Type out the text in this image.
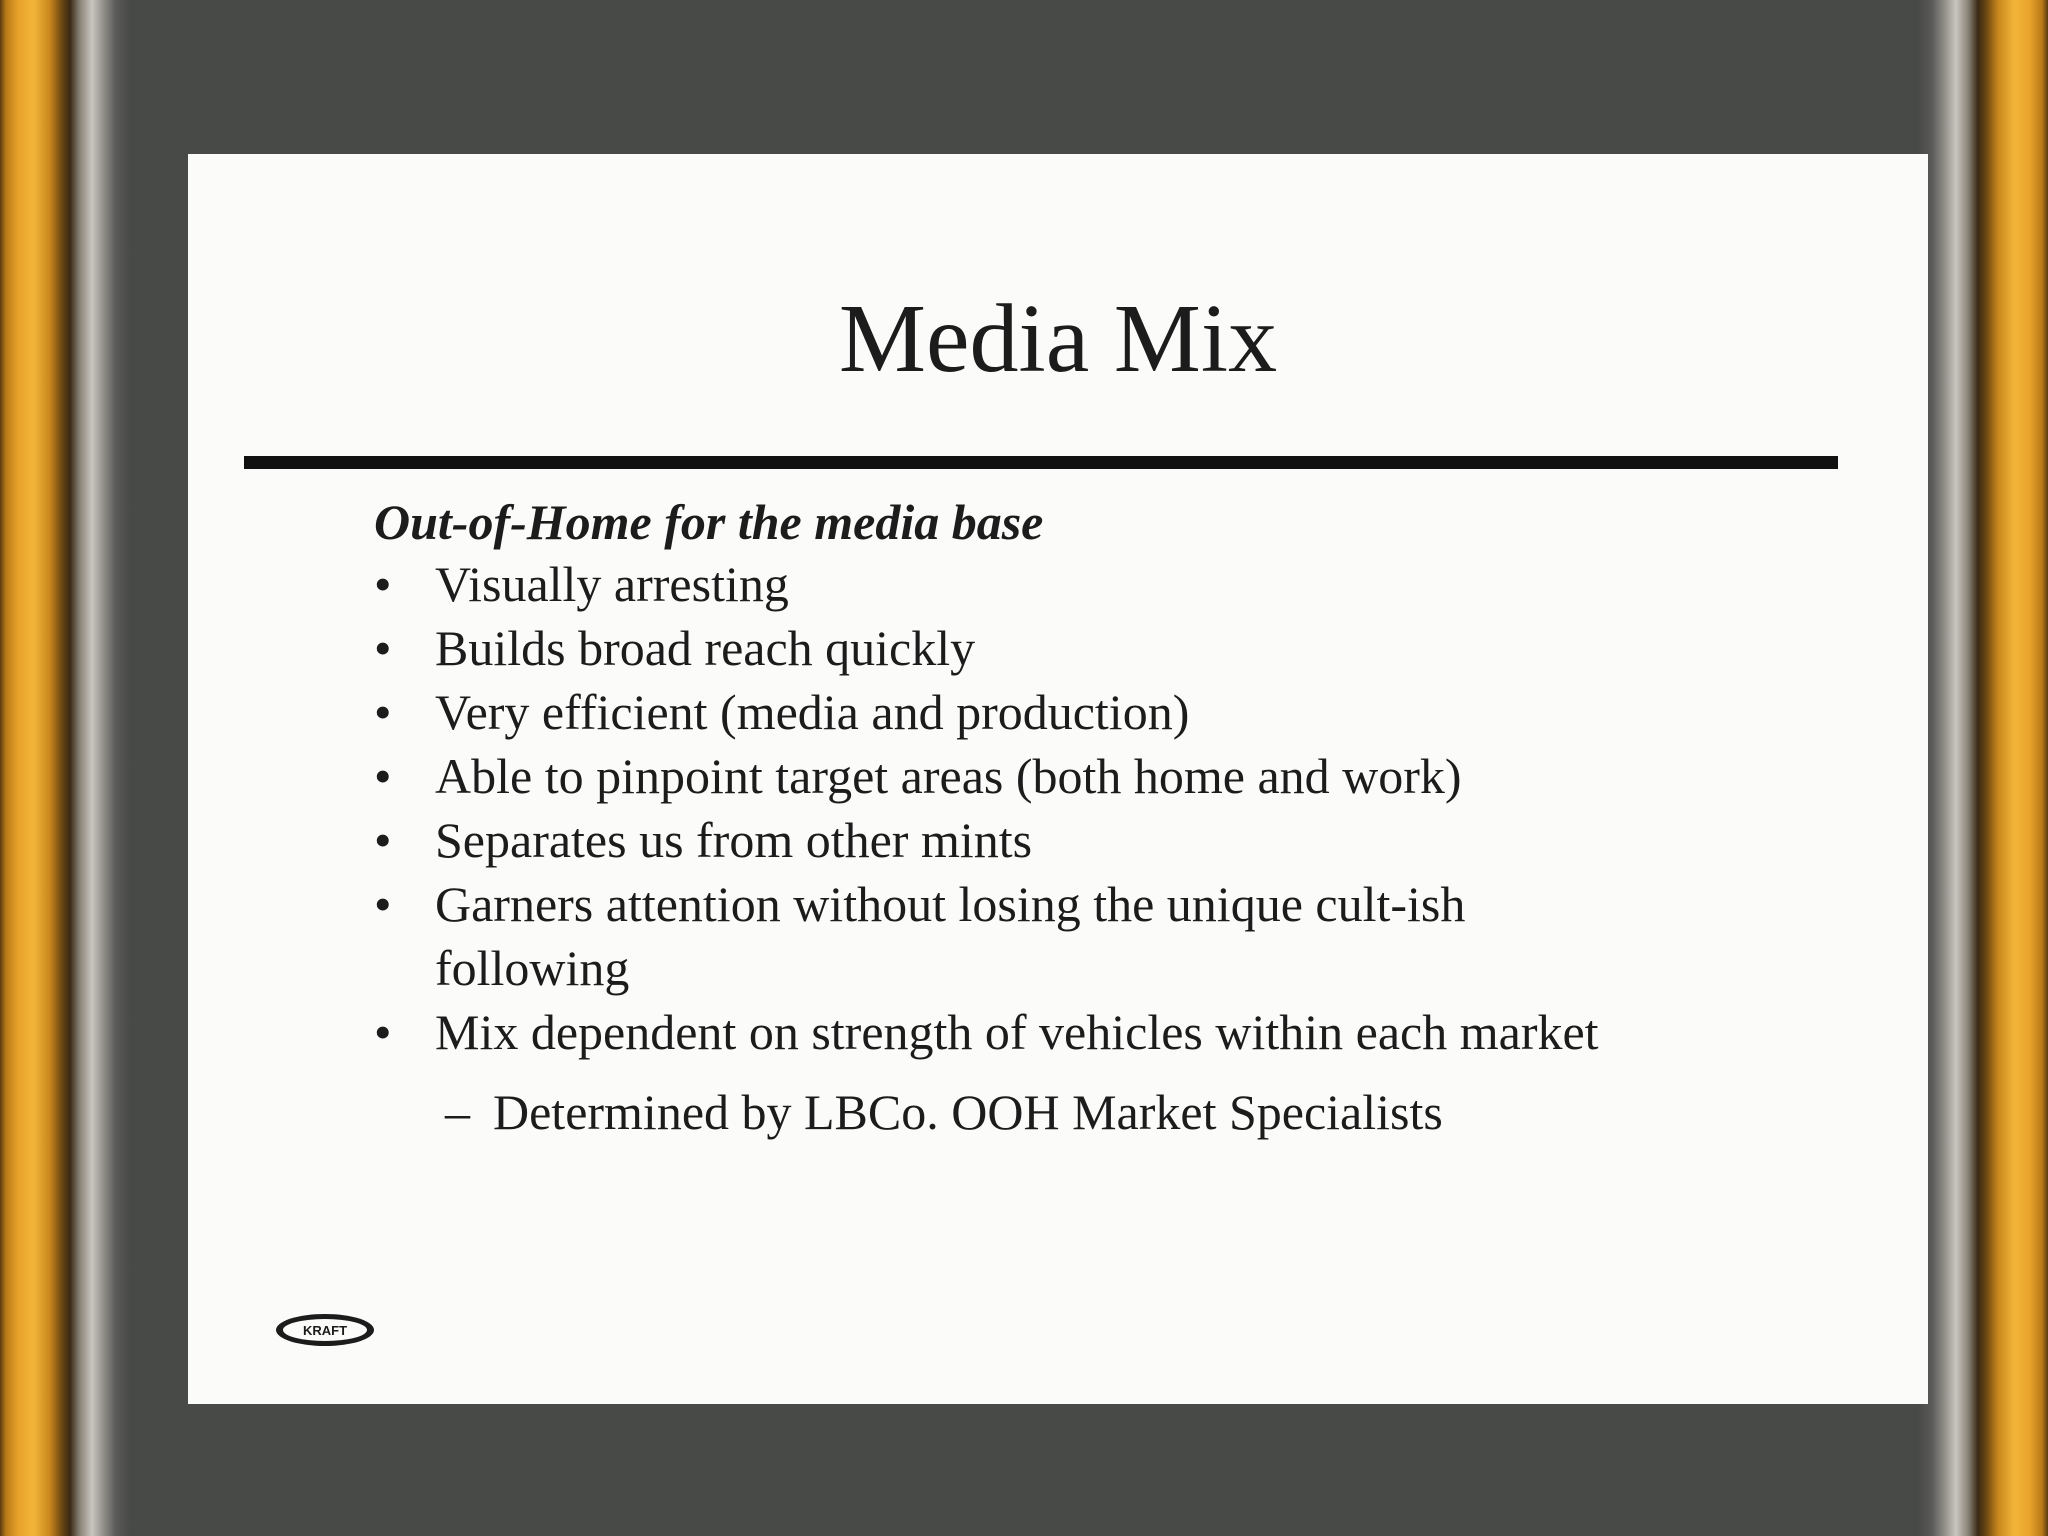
Media Mix

Out-of-Home for the media base

• Visually arresting
• Builds broad reach quickly
• Very efficient (media and production)
• Able to pinpoint target areas (both home and work)
• Separates us from other mints
• Garners attention without losing the unique cult-ish following
• Mix dependent on strength of vehicles within each market

– Determined by LBCo. OOH Market Specialists

KRAFT
